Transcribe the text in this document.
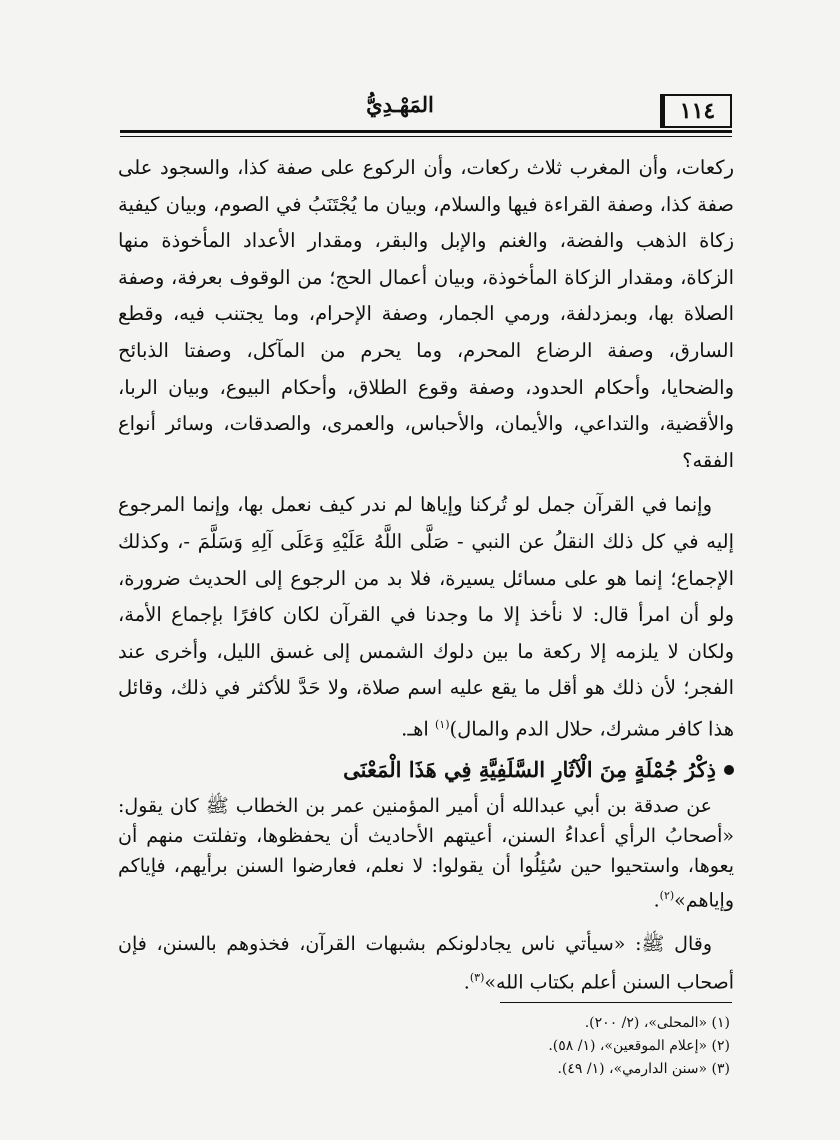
المَهْـدِيُّ	١١٤

ركعات، وأن المغرب ثلاث ركعات، وأن الركوع على صفة كذا، والسجود على صفة كذا، وصفة القراءة فيها والسلام، وبيان ما يُجْتَنَبُ في الصوم، وبيان كيفية زكاة الذهب والفضة، والغنم والإبل والبقر، ومقدار الأعداد المأخوذة منها الزكاة، ومقدار الزكاة المأخوذة، وبيان أعمال الحج؛ من الوقوف بعرفة، وصفة الصلاة بها، وبمزدلفة، ورمي الجمار، وصفة الإحرام، وما يجتنب فيه، وقطع السارق، وصفة الرضاع المحرم، وما يحرم من المآكل، وصفتا الذبائح والضحايا، وأحكام الحدود، وصفة وقوع الطلاق، وأحكام البيوع، وبيان الربا، والأقضية، والتداعي، والأيمان، والأحباس، والعمرى، والصدقات، وسائر أنواع الفقه؟

وإنما في القرآن جمل لو تُركنا وإياها لم ندر كيف نعمل بها، وإنما المرجوع إليه في كل ذلك النقلُ عن النبي - صَلَّى اللَّهُ عَلَيْهِ وَعَلَى آلِهِ وَسَلَّمَ -، وكذلك الإجماع؛ إنما هو على مسائل يسيرة، فلا بد من الرجوع إلى الحديث ضرورة، ولو أن امرأ قال: لا نأخذ إلا ما وجدنا في القرآن لكان كافرًا بإجماع الأمة، ولكان لا يلزمه إلا ركعة ما بين دلوك الشمس إلى غسق الليل، وأخرى عند الفجر؛ لأن ذلك هو أقل ما يقع عليه اسم صلاة، ولا حَدَّ للأكثر في ذلك، وقائل هذا كافر مشرك، حلال الدم والمال)$^{(١)}$ اهـ.

ذِكْرُ جُمْلَةٍ مِنَ الْآثَارِ السَّلَفِيَّةِ فِي هَذَا الْمَعْنَى

عن صدقة بن أبي عبدالله أن أمير المؤمنين عمر بن الخطاب ﷺ كان يقول: «أصحابُ الرأي أعداءُ السنن، أعيتهم الأحاديث أن يحفظوها، وتفلتت منهم أن يعوها، واستحيوا حين سُئِلُوا أن يقولوا: لا نعلم، فعارضوا السنن برأيهم، فإياكم وإياهم»$^{(٢)}$.

وقال ﷺ: «سيأتي ناس يجادلونكم بشبهات القرآن، فخذوهم بالسنن، فإن أصحاب السنن أعلم بكتاب الله»$^{(٣)}$.

(١) «المحلى»، (٢/ ٢٠٠).
(٢) «إعلام الموقعين»، (١/ ٥٨).
(٣) «سنن الدارمي»، (١/ ٤٩).
